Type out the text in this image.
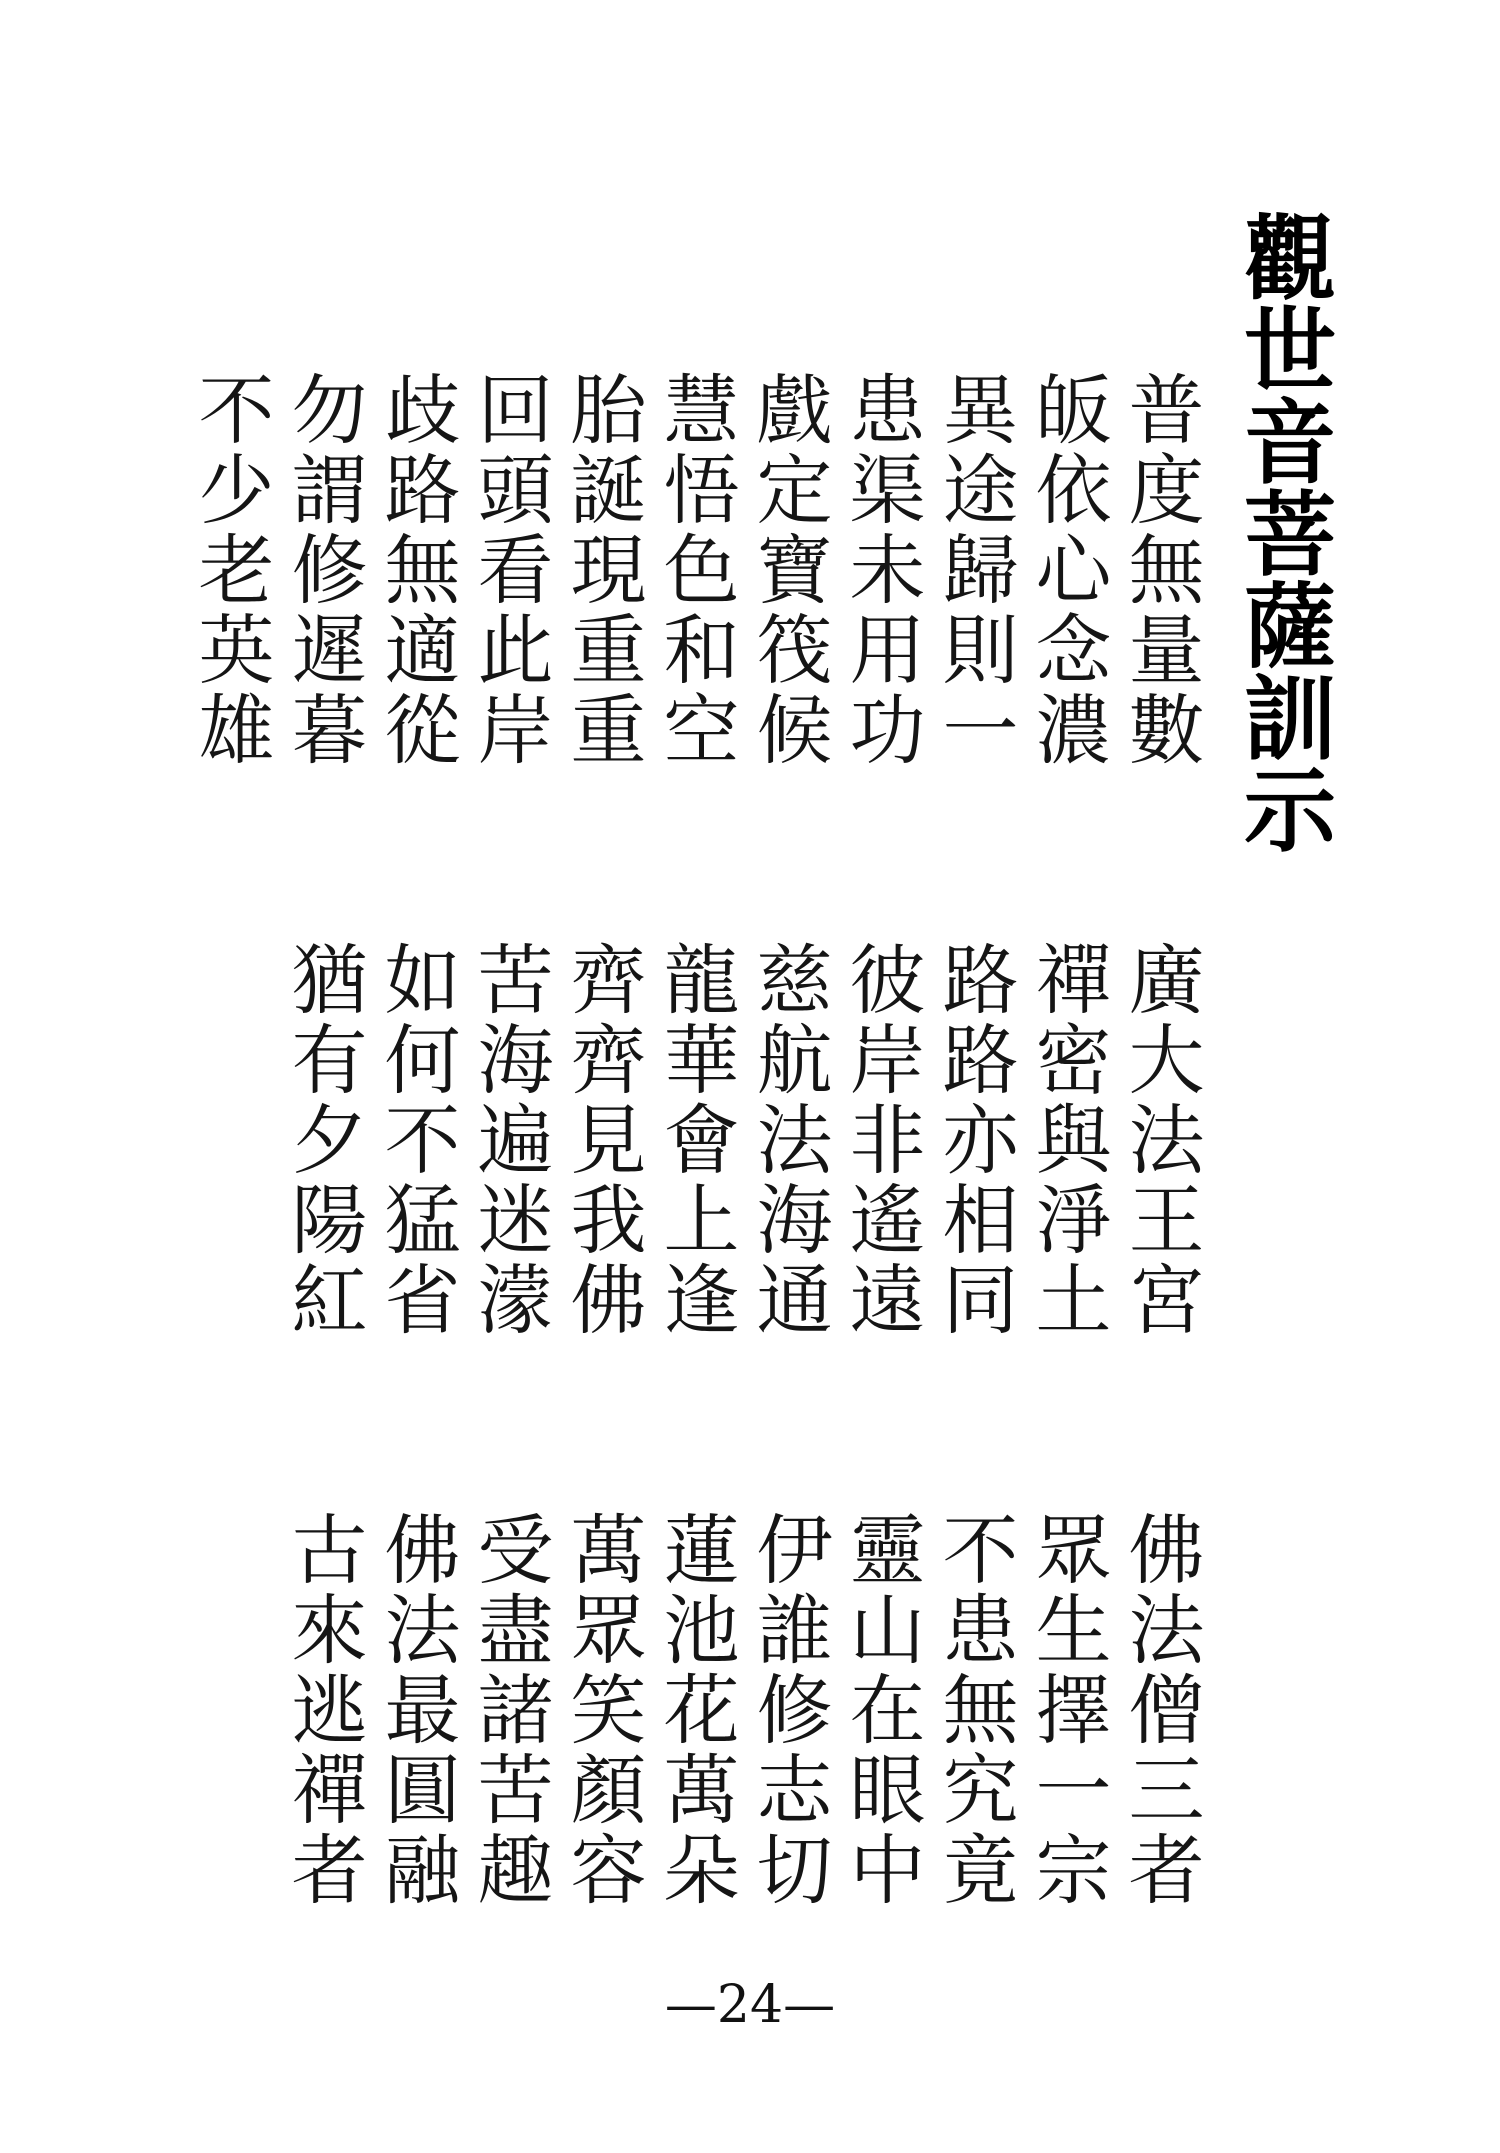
觀世音菩薩訓示
普度無量數
皈依心念濃
異途歸則一
患渠未用功
戲定寶筏候
慧悟色和空
胎誕現重重
回頭看此岸
歧路無適從
勿謂修遲暮
不少老英雄
廣大法王宮
禪密與淨土
路路亦相同
彼岸非遙遠
慈航法海通
龍華會上逢
齊齊見我佛
苦海遍迷濛
如何不猛省
猶有夕陽紅
佛法僧三者
眾生擇一宗
不患無究竟
靈山在眼中
伊誰修志切
蓮池花萬朵
萬眾笑顏容
受盡諸苦趣
佛法最圓融
古來逃禪者
—24—
